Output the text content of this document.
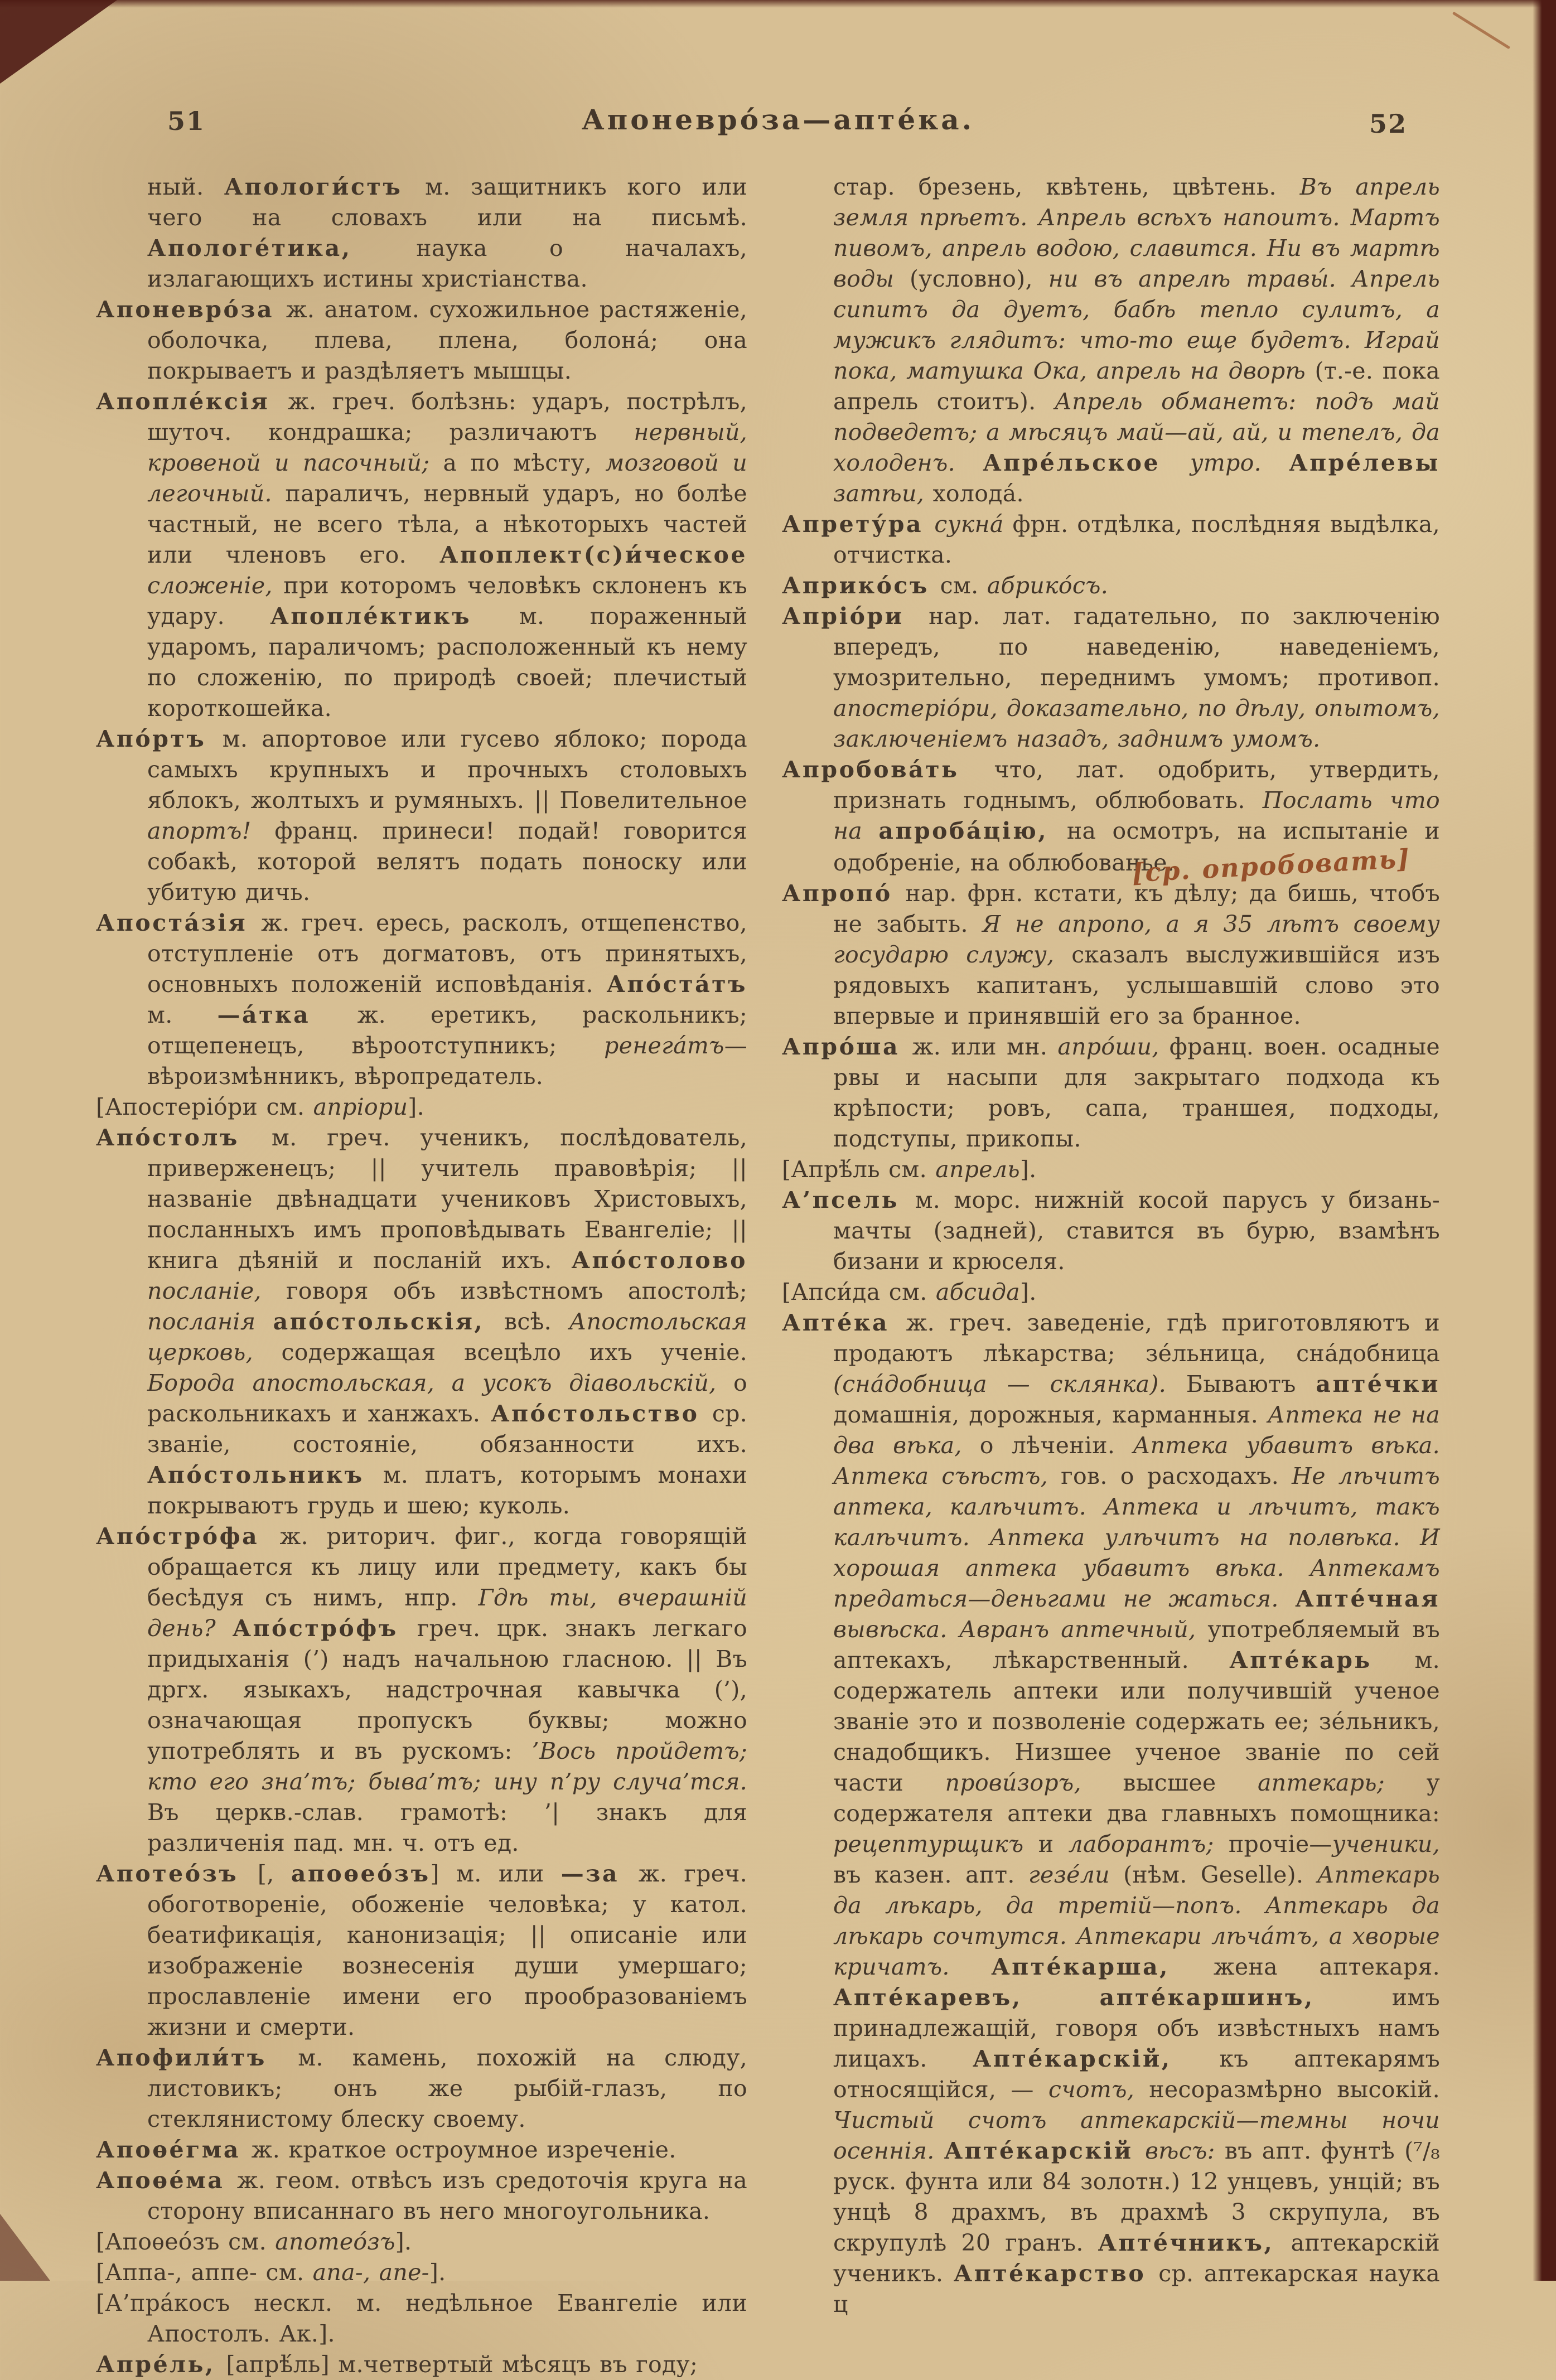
51	Апоневро́за—апте́ка.	52

ный. Апологи́стъ м. защитникъ кого или чего на словахъ или на письмѣ. Апологе́тика, наука о началахъ, излагающихъ истины христіанства.

Апоневро́за ж. анатом. сухожильное растяженіе, оболочка, плева, плена, болона́; она покрываетъ и раздѣляетъ мышцы.

Апопле́ксія ж. греч. болѣзнь: ударъ, пострѣлъ, шуточ. кондрашка; различаютъ нервный, кровеной и пасочный; а по мѣсту, мозговой и легочный. параличъ, нервный ударъ, но болѣе частный, не всего тѣла, а нѣкоторыхъ частей или членовъ его. Апоплект(с)и́ческое сложеніе, при которомъ человѣкъ склоненъ къ удару. Апопле́ктикъ м. пораженный ударомъ, параличомъ; расположенный къ нему по сложенію, по природѣ своей; плечистый короткошейка.

Апо́ртъ м. апортовое или гусево яблоко; порода самыхъ крупныхъ и прочныхъ столовыхъ яблокъ, жолтыхъ и румяныхъ. || Повелительное апортъ! франц. принеси! подай! говорится собакѣ, которой велятъ подать поноску или убитую дичь.

Апоста́зія ж. греч. ересь, расколъ, отщепенство, отступленіе отъ догматовъ, отъ принятыхъ, основныхъ положеній исповѣданія. Апо́ста́тъ м. —а́тка ж. еретикъ, раскольникъ; отщепенецъ, вѣроотступникъ; ренега́тъ—вѣроизмѣнникъ, вѣропредатель.

[Апостеріо́ри см. апріори].

Апо́столъ м. греч. ученикъ, послѣдователь, приверженецъ; || учитель правовѣрія; || названіе двѣнадцати учениковъ Христовыхъ, посланныхъ имъ проповѣдывать Евангеліе; || книга дѣяній и посланій ихъ. Апо́столово посланіе, говоря объ извѣстномъ апостолѣ; посланія апо́стольскія, всѣ. Апостольская церковь, содержащая всецѣло ихъ ученіе. Борода апостольская, а усокъ діавольскій, о раскольникахъ и ханжахъ. Апо́стольство ср. званіе, состояніе, обязанности ихъ. Апо́стольникъ м. платъ, которымъ монахи покрываютъ грудь и шею; куколь.

Апо́стро́фа ж. риторич. фиг., когда говорящій обращается къ лицу или предмету, какъ бы бесѣдуя съ нимъ, нпр. Гдѣ ты, вчерашній день? Апо́стро́фъ греч. црк. знакъ легкаго придыханія (’) надъ начальною гласною. || Въ дргх. языкахъ, надстрочная кавычка (’), означающая пропускъ буквы; можно употреблять и въ рускомъ: ’Вось пройдетъ; кто его зна’тъ; быва’тъ; ину п’ру случа’тся. Въ церкв.-слав. грамотѣ: ’| знакъ для различенія пад. мн. ч. отъ ед.

Апотео́зъ [, апоѳео́зъ] м. или —за ж. греч. обоготвореніе, обоженіе человѣка; у катол. беатификація, канонизація; || описаніе или изображеніе вознесенія души умершаго; прославленіе имени его прообразованіемъ жизни и смерти.

Апофили́тъ м. камень, похожій на слюду, листовикъ; онъ же рыбій-глазъ, по стеклянистому блеску своему.

Апоѳе́гма ж. краткое остроумное изреченіе.

Апоѳе́ма ж. геом. отвѣсъ изъ средоточія круга на сторону вписаннаго въ него многоугольника.

[Апоѳео́зъ см. апотео́зъ].

[Аппа-, аппе- см. апа-, апе-].

[А’пра́косъ нескл. м. недѣльное Евангеліе или Апостолъ. Ак.].

Апре́ль, [апрѣ́ль] м.четвертый мѣсяцъ въ году;

стар. брезень, квѣтень, цвѣтень. Въ апрель земля прѣетъ. Апрель всѣхъ напоитъ. Мартъ пивомъ, апрель водою, славится. Ни въ мартѣ воды (условно), ни въ апрелѣ травы́. Апрель сипитъ да дуетъ, бабѣ тепло сулитъ, а мужикъ глядитъ: что-то еще будетъ. Играй пока, матушка Ока, апрель на дворѣ (т.-е. пока апрель стоитъ). Апрель обманетъ: подъ май подведетъ; а мѣсяцъ май—ай, ай, и тепелъ, да холоденъ. Апре́льское утро. Апре́левы затѣи, холода́.

Апрету́ра сукна́ фрн. отдѣлка, послѣдняя выдѣлка, отчистка.

Априко́съ см. абрико́съ.

Апріо́ри нар. лат. гадательно, по заключенію впередъ, по наведенію, наведеніемъ, умозрительно, переднимъ умомъ; противоп. апостеріо́ри, доказательно, по дѣлу, опытомъ, заключеніемъ назадъ, заднимъ умомъ.

Апробова́ть что, лат. одобрить, утвердить, признать годнымъ, облюбовать. Послать что на апроба́цію, на осмотръ, на испытаніе и одобреніе, на облюбованье. [ср. опробовать]

Апропо́ нар. фрн. кстати, къ дѣлу; да бишь, чтобъ не забыть. Я не апропо, а я 35 лѣтъ своему государю служу, сказалъ выслужившійся изъ рядовыхъ капитанъ, услышавшій слово это впервые и принявшій его за бранное.

Апро́ша ж. или мн. апро́ши, франц. воен. осадные рвы и насыпи для закрытаго подхода къ крѣпости; ровъ, сапа, траншея, подходы, подступы, прикопы.

[Апрѣ́ль см. апрель].

А’псель м. морс. нижній косой парусъ у бизань-мачты (задней), ставится въ бурю, взамѣнъ бизани и крюселя.

[Апси́да см. абсида].

Апте́ка ж. греч. заведеніе, гдѣ приготовляютъ и продаютъ лѣкарства; зе́льница, сна́добница (сна́добница — склянка). Бываютъ апте́чки домашнія, дорожныя, карманныя. Аптека не на два вѣка, о лѣченіи. Аптека убавитъ вѣка. Аптека съѣстъ, гов. о расходахъ. Не лѣчитъ аптека, калѣчитъ. Аптека и лѣчитъ, такъ калѣчитъ. Аптека улѣчитъ на полвѣка. И хорошая аптека убавитъ вѣка. Аптекамъ предаться—деньгами не жаться. Апте́чная вывѣска. Авранъ аптечный, употребляемый въ аптекахъ, лѣкарственный. Апте́карь м. содержатель аптеки или получившій ученое званіе это и позволеніе содержать ее; зе́льникъ, снадобщикъ. Низшее ученое званіе по сей части прови́зоръ, высшее аптекарь; у содержателя аптеки два главныхъ помощника: рецептурщикъ и лаборантъ; прочіе—ученики, въ казен. апт. гезе́ли (нѣм. Geselle). Аптекарь да лѣкарь, да третій—попъ. Аптекарь да лѣкарь сочтутся. Аптекари лѣча́тъ, а хворые кричатъ. Апте́карша, жена аптекаря. Апте́каревъ, апте́каршинъ, имъ принадлежащій, говоря объ извѣстныхъ намъ лицахъ. Апте́карскій, къ аптекарямъ относящійся, — счотъ, несоразмѣрно высокій. Чистый счотъ аптекарскій—темны ночи осеннія. Апте́карскій вѣсъ: въ апт. фунтѣ (⁷/₈ руск. фунта или 84 золотн.) 12 унцевъ, унцій; въ унцѣ 8 драхмъ, въ драхмѣ 3 скрупула, въ скрупулѣ 20 гранъ. Апте́чникъ, аптекарскій ученикъ. Апте́карство ср. аптекарская наука ц
